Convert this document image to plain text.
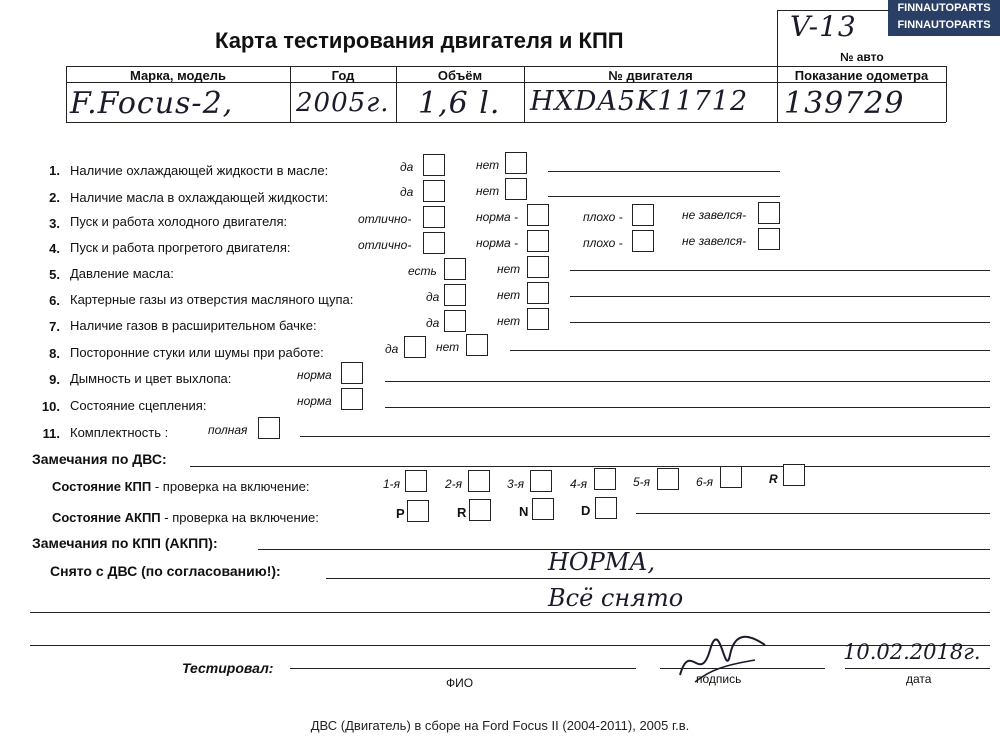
Карта тестирования двигателя и КПП
FINNAUTOPARTS
FINNAUTOPARTS
V-13
№ авто
Марка, модель	Год	Объём	№ двигателя	Показание одометра
F.Focus-2, 2005г. 1,6 l. HXDA5K11712 139729
1. Наличие охлаждающей жидкости в масле:	да	нет
2. Наличие масла в охлаждающей жидкости:	да	нет
3. Пуск и работа холодного двигателя:	отлично-	норма -	плохо -	не завелся-
4. Пуск и работа прогретого двигателя:	отлично-	норма -	плохо -	не завелся-
5. Давление масла:	есть	нет
6. Картерные газы из отверстия масляного щупа:	да	нет
7. Наличие газов в расширительном бачке:	да	нет
8. Посторонние стуки или шумы при работе:	да	нет
9. Дымность и цвет выхлопа:	норма
10. Состояние сцепления:	норма
11. Комплектность :	полная
Замечания по ДВС:
Состояние КПП - проверка на включение:	1-я	2-я	3-я	4-я	5-я	6-я	R
Состояние АКПП - проверка на включение:	P	R	N	D
Замечания по КПП (АКПП):
Снято с ДВС (по согласованию!):	НОРМА,
Всё снято
Тестировал:
ФИО	подпись
10.02.2018г.
дата
ДВС (Двигатель) в сборе на Ford Focus II (2004-2011), 2005 г.в.
